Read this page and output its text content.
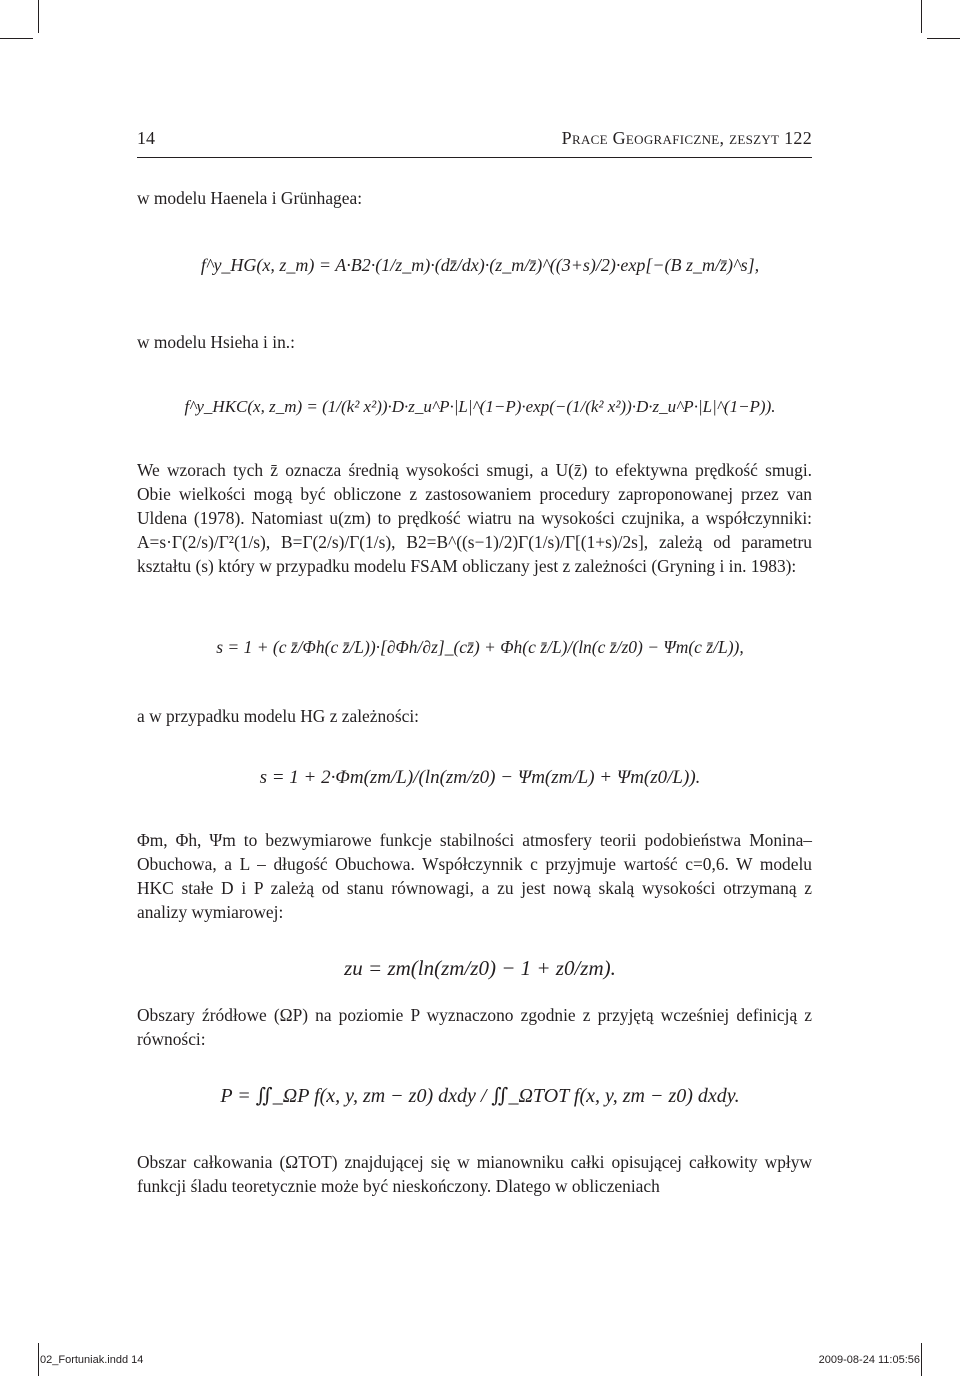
14	Prace Geograficzne, zeszyt 122
w modelu Haenela i Grünhagea:
f^y_HG(x, z_m) = A·B2·(1/z_m)·(dz̄/dx)·(z_m/z̄)^((3+s)/2)·exp[−(B z_m/z̄)^s],
w modelu Hsieha i in.:
f^y_HKC(x, z_m) = (1/(k² x²))·D·z_u^P·|L|^(1−P)·exp(−(1/(k² x²))·D·z_u^P·|L|^(1−P)).
We wzorach tych z̄ oznacza średnią wysokości smugi, a U(z̄) to efektywna prędkość smugi. Obie wielkości mogą być obliczone z zastosowaniem procedury zaproponowanej przez van Uldena (1978). Natomiast u(zm) to prędkość wiatru na wysokości czujnika, a współczynniki: A=s·Γ(2/s)/Γ²(1/s), B=Γ(2/s)/Γ(1/s), B2=B^((s−1)/2)Γ(1/s)/Γ[(1+s)/2s], zależą od parametru kształtu (s) który w przypadku modelu FSAM obliczany jest z zależności (Gryning i in. 1983):
s = 1 + (c z̄/Φh(c z̄/L))·[∂Φh/∂z]_(cz̄) + Φh(c z̄/L)/(ln(c z̄/z0) − Ψm(c z̄/L)),
a w przypadku modelu HG z zależności:
s = 1 + 2·Φm(zm/L)/(ln(zm/z0) − Ψm(zm/L) + Ψm(z0/L)).
Φm, Φh, Ψm to bezwymiarowe funkcje stabilności atmosfery teorii podobieństwa Monina–Obuchowa, a L – długość Obuchowa. Współczynnik c przyjmuje wartość c=0,6. W modelu HKC stałe D i P zależą od stanu równowagi, a zu jest nową skalą wysokości otrzymaną z analizy wymiarowej:
zu = zm(ln(zm/z0) − 1 + z0/zm).
Obszary źródłowe (ΩP) na poziomie P wyznaczono zgodnie z przyjętą wcześniej definicją z równości:
P = ∬_ΩP f(x, y, zm − z0) dxdy / ∬_ΩTOT f(x, y, zm − z0) dxdy.
Obszar całkowania (ΩTOT) znajdującej się w mianowniku całki opisującej całkowity wpływ funkcji śladu teoretycznie może być nieskończony. Dlatego w obliczeniach
02_Fortuniak.indd 14	2009-08-24 11:05:56
